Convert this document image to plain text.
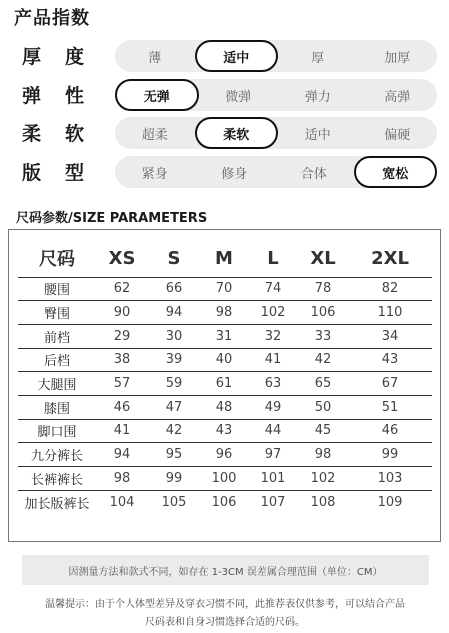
产品指数
厚 度	薄	适中	厚	加厚
弹 性	无弹	微弹	弹力	高弹
柔 软	超柔	柔软	适中	偏硬
版 型	紧身	修身	合体	宽松
尺码参数/SIZE PARAMETERS
尺码	XS	S	M	L	XL	2XL
腰围	62	66	70	74	78	82
臀围	90	94	98	102	106	110
前档	29	30	31	32	33	34
后档	38	39	40	41	42	43
大腿围	57	59	61	63	65	67
膝围	46	47	48	49	50	51
脚口围	41	42	43	44	45	46
九分裤长	94	95	96	97	98	99
长裤裤长	98	99	100	101	102	103
加长版裤长	104	105	106	107	108	109
因测量方法和款式不同，如存在 1-3CM 误差属合理范围（单位：CM）
温馨提示：由于个人体型差异及穿衣习惯不同，此推荐表仅供参考，可以结合产品
尺码表和自身习惯选择合适的尺码。
